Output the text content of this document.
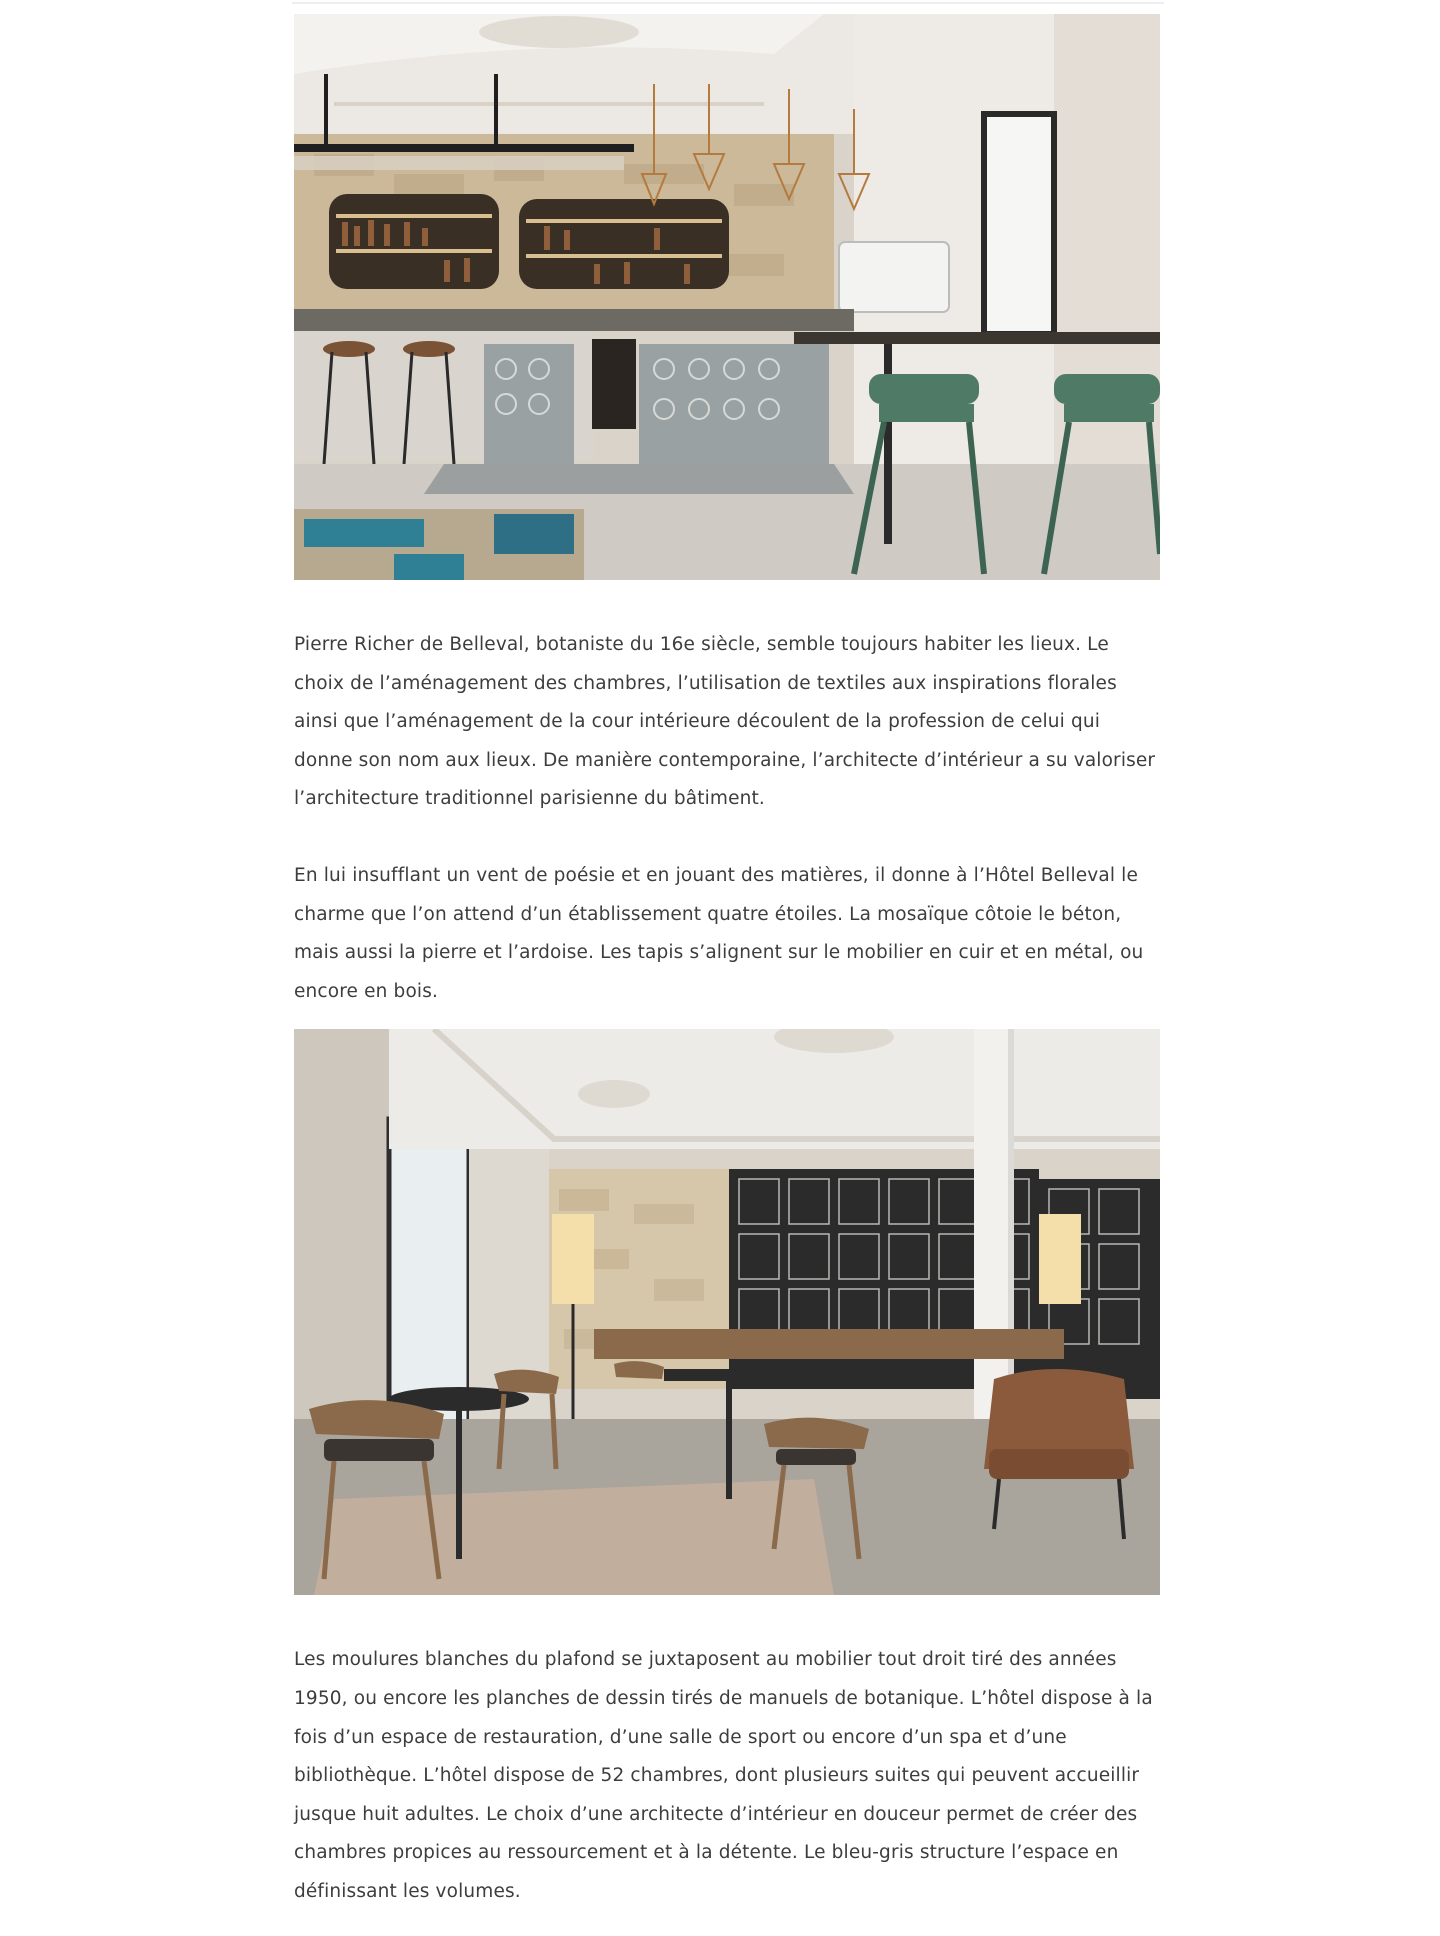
Pierre Richer de Belleval, botaniste du 16e siècle, semble toujours habiter les lieux. Le choix de l’aménagement des chambres, l’utilisation de textiles aux inspirations florales ainsi que l’aménagement de la cour intérieure découlent de la profession de celui qui donne son nom aux lieux. De manière contemporaine, l’architecte d’intérieur a su valoriser l’architecture traditionnel parisienne du bâtiment.

En lui insufflant un vent de poésie et en jouant des matières, il donne à l’Hôtel Belleval le charme que l’on attend d’un établissement quatre étoiles. La mosaïque côtoie le béton, mais aussi la pierre et l’ardoise. Les tapis s’alignent sur le mobilier en cuir et en métal, ou encore en bois.

Les moulures blanches du plafond se juxtaposent au mobilier tout droit tiré des années 1950, ou encore les planches de dessin tirés de manuels de botanique. L’hôtel dispose à la fois d’un espace de restauration, d’une salle de sport ou encore d’un spa et d’une bibliothèque. L’hôtel dispose de 52 chambres, dont plusieurs suites qui peuvent accueillir jusque huit adultes. Le choix d’une architecte d’intérieur en douceur permet de créer des chambres propices au ressourcement et à la détente. Le bleu-gris structure l’espace en définissant les volumes.
